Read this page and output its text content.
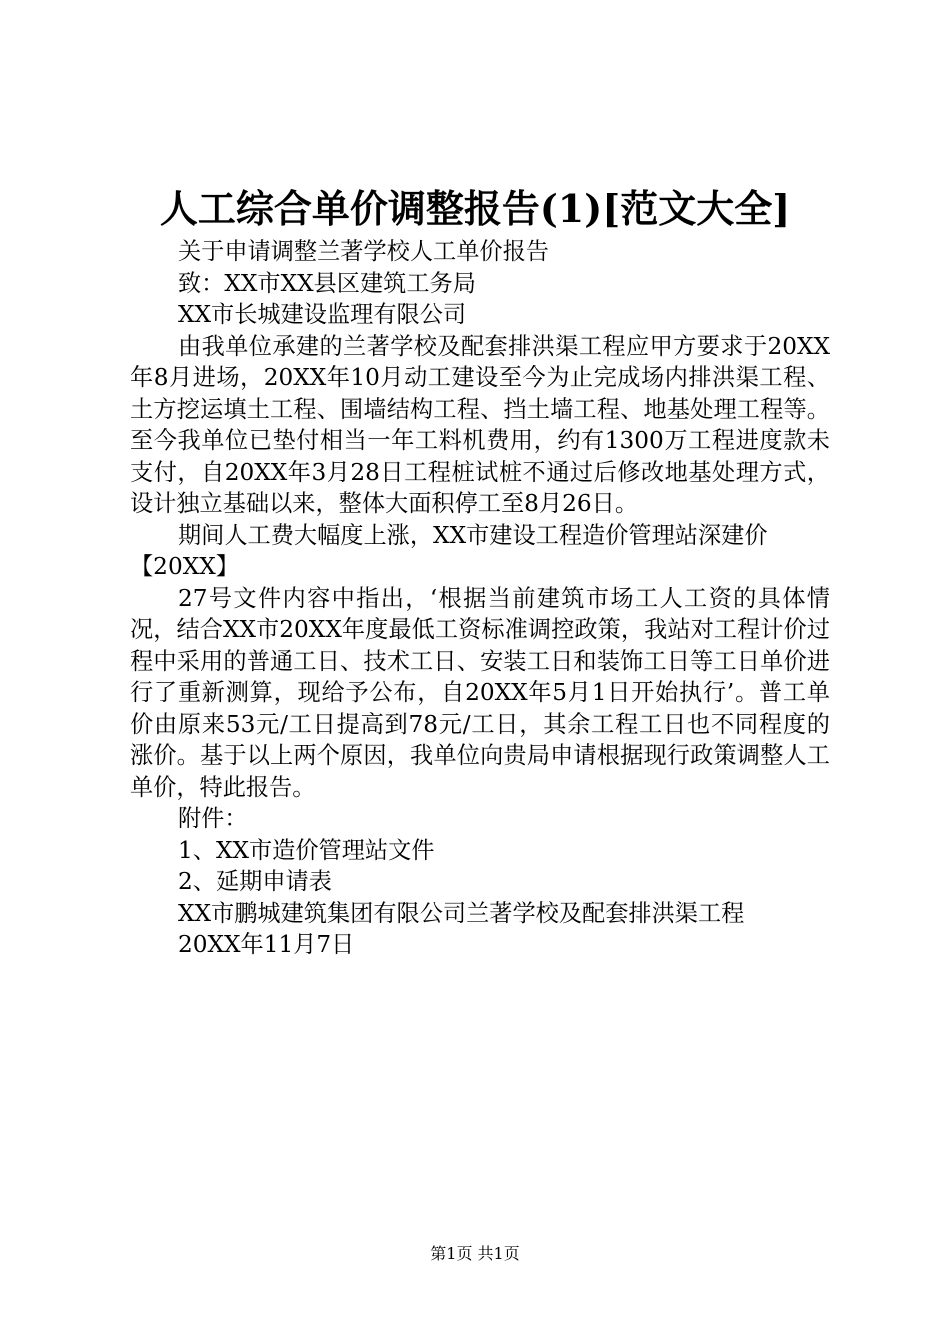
人工综合单价调整报告(1)[范文大全]

关于申请调整兰著学校人工单价报告

致：XX市XX县区建筑工务局

XX市长城建设监理有限公司

由我单位承建的兰著学校及配套排洪渠工程应甲方要求于20XX年8月进场，20XX年10月动工建设至今为止完成场内排洪渠工程、土方挖运填土工程、围墙结构工程、挡土墙工程、地基处理工程等。至今我单位已垫付相当一年工料机费用，约有1300万工程进度款未支付，自20XX年3月28日工程桩试桩不通过后修改地基处理方式，设计独立基础以来，整体大面积停工至8月26日。

期间人工费大幅度上涨，XX市建设工程造价管理站深建价

【20XX】

27号文件内容中指出，‘根据当前建筑市场工人工资的具体情况，结合XX市20XX年度最低工资标准调控政策，我站对工程计价过程中采用的普通工日、技术工日、安装工日和装饰工日等工日单价进行了重新测算，现给予公布，自20XX年5月1日开始执行’。普工单价由原来53元/工日提高到78元/工日，其余工程工日也不同程度的涨价。基于以上两个原因，我单位向贵局申请根据现行政策调整人工单价，特此报告。

附件：

1、XX市造价管理站文件

2、延期申请表

XX市鹏城建筑集团有限公司兰著学校及配套排洪渠工程

20XX年11月7日

第1页 共1页
